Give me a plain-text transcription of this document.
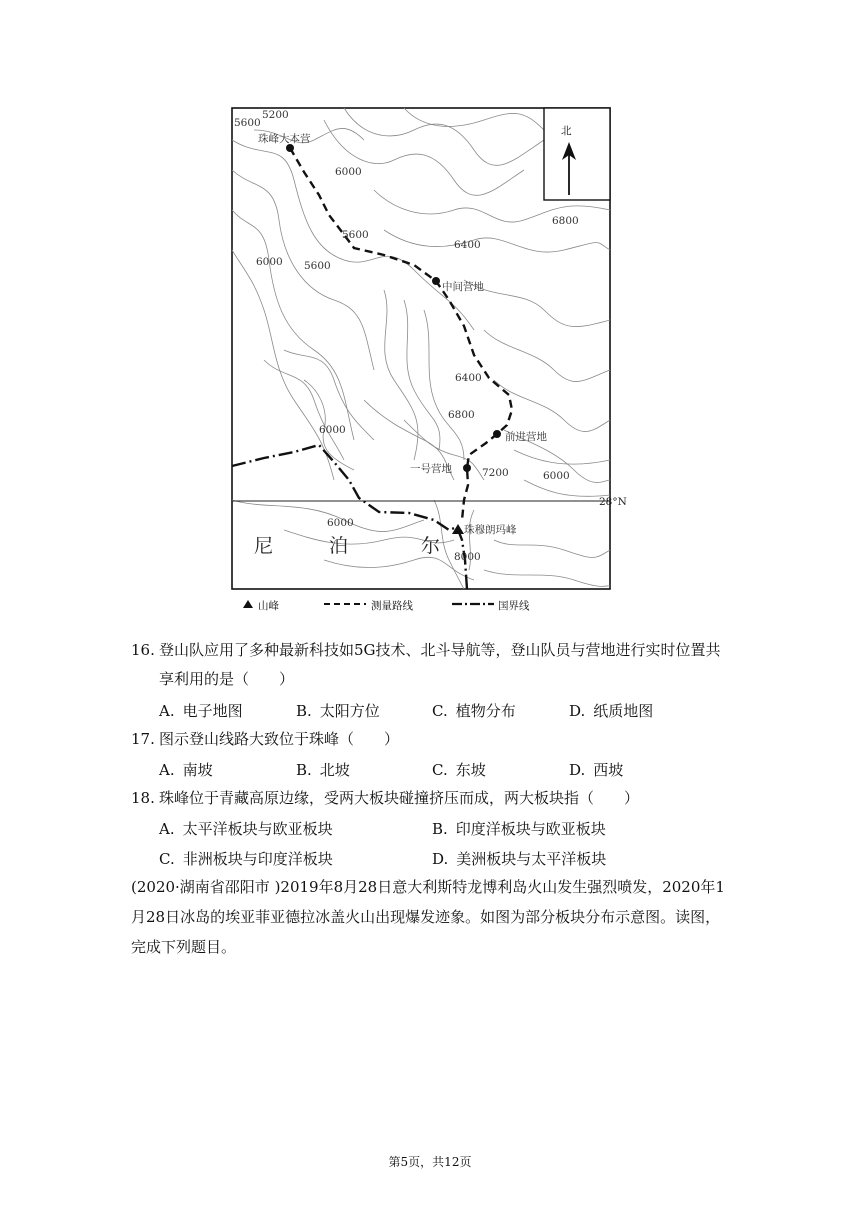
北
28°N
珠峰大本营
中间营地
前进营地
一号营地
珠穆朗玛峰
5200
5600
6000
5600
6400
6800
6000 5600
6400
6800
6000
7200	6000
6000
8000
尼	泊	尔
山峰	测量路线	国界线
16. 登山队应用了多种最新科技如5G技术、北斗导航等，登山队员与营地进行实时位置共
享利用的是（　　）
A. 电子地图	B. 太阳方位	C. 植物分布	D. 纸质地图
17. 图示登山线路大致位于珠峰（　　）
A. 南坡	B. 北坡	C. 东坡	D. 西坡
18. 珠峰位于青藏高原边缘，受两大板块碰撞挤压而成，两大板块指（　　）
A. 太平洋板块与欧亚板块	B. 印度洋板块与欧亚板块
C. 非洲板块与印度洋板块	D. 美洲板块与太平洋板块
(2020·湖南省邵阳市 )2019年8月28日意大利斯特龙博利岛火山发生强烈喷发，2020年1
月28日冰岛的埃亚菲亚德拉冰盖火山出现爆发迹象。如图为部分板块分布示意图。读图，
完成下列题目。
第5页，共12页
